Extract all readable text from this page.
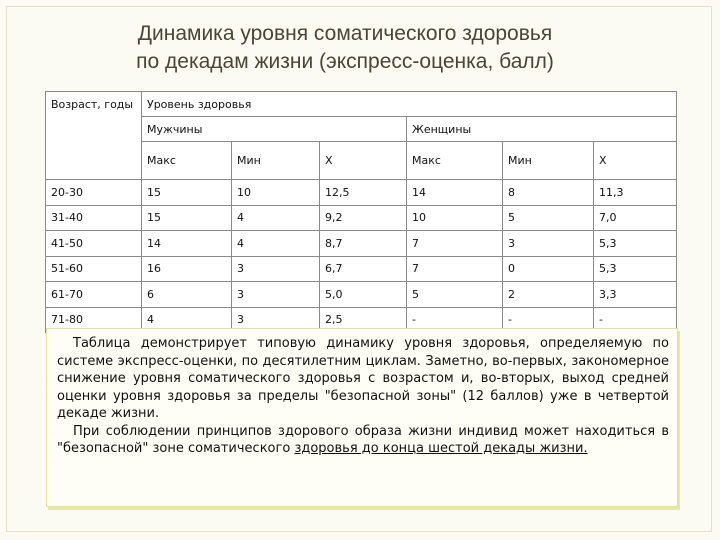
Динамика уровня соматического здоровья
по декадам жизни (экспресс-оценка, балл)
Возраст, годы	Уровень здоровья					
	Мужчины			Женщины		
	Макс	Мин	X	Макс	Мин	X
20-30	15	10	12,5	14	8	11,3
31-40	15	4	9,2	10	5	7,0
41-50	14	4	8,7	7	3	5,3
51-60	16	3	6,7	7	0	5,3
61-70	6	3	5,0	5	2	3,3
71-80	4	3	2,5	-	-	-

Таблица демонстрирует типовую динамику уровня здоровья, определяемую по системе экспресс-оценки, по десятилетним циклам. Заметно, во-первых, закономерное снижение уровня соматического здоровья с возрастом и, во-вторых, выход средней оценки уровня здоровья за пределы "безопасной зоны" (12 баллов) уже в четвертой декаде жизни.

При соблюдении принципов здорового образа жизни индивид может находиться в "безопасной" зоне соматического здоровья до конца шестой декады жизни.
